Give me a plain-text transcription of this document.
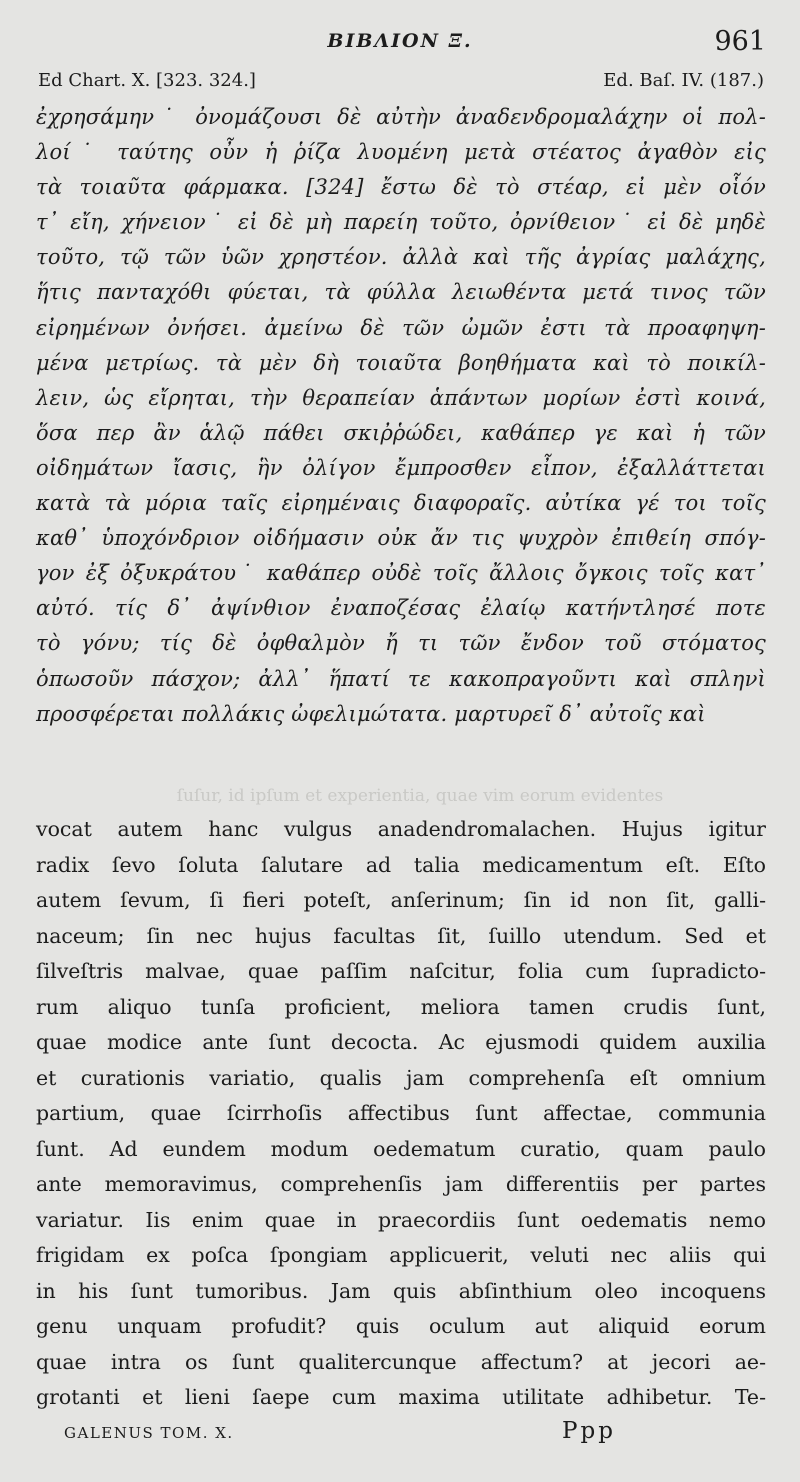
BIBΛION Ξ.	961
Ed Chart. X. [323. 324.]	Ed. Baſ. IV. (187.)
ἐχρησάμην˙ ὀνομάζουσι δὲ αὐτὴν ἀναδενδρομαλάχην οἱ πολ-
λοί˙ ταύτης οὖν ἡ ῥίζα λυομένη μετὰ στέατος ἀγαθὸν εἰς
τὰ τοιαῦτα φάρμακα. [324] ἔστω δὲ τὸ στέαρ, εἰ μὲν οἷόν
τ᾿ εἴη, χήνειον˙ εἰ δὲ μὴ παρείη τοῦτο, ὀρνίθειον˙ εἰ δὲ μηδὲ
τοῦτο, τῷ τῶν ὑῶν χρηστέον. ἀλλὰ καὶ τῆς ἀγρίας μαλάχης,
ἥτις πανταχόθι φύεται, τὰ φύλλα λειωθέντα μετά τινος τῶν
εἰρημένων ὀνήσει. ἀμείνω δὲ τῶν ὠμῶν ἐστι τὰ προαφηψη-
μένα μετρίως. τὰ μὲν δὴ τοιαῦτα βοηθήματα καὶ τὸ ποικίλ-
λειν, ὡς εἴρηται, τὴν θεραπείαν ἁπάντων μορίων ἐστὶ κοινά,
ὅσα περ ἂν ἁλῷ πάθει σκιῤῥώδει, καθάπερ γε καὶ ἡ τῶν
οἰδημάτων ἴασις, ἣν ὀλίγον ἔμπροσθεν εἶπον, ἐξαλλάττεται
κατὰ τὰ μόρια ταῖς εἰρημέναις διαφοραῖς. αὐτίκα γέ τοι τοῖς
καθ᾿ ὑποχόνδριον οἰδήμασιν οὐκ ἄν τις ψυχρὸν ἐπιθείη σπόγ-
γον ἐξ ὀξυκράτου˙ καθάπερ οὐδὲ τοῖς ἄλλοις ὄγκοις τοῖς κατ᾿
αὐτό. τίς δ᾿ ἀψίνθιον ἐναποζέσας ἐλαίῳ κατήντλησέ ποτε
τὸ γόνυ; τίς δὲ ὀφθαλμὸν ἤ τι τῶν ἔνδον τοῦ στόματος
ὁπωσοῦν πάσχον; ἀλλ᾿ ἥπατί τε κακοπραγοῦντι καὶ σπληνὶ
προσφέρεται πολλάκις ὠφελιμώτατα. μαρτυρεῖ δ᾿ αὐτοῖς καὶ
ſuſur, id ipſum et experientia, quae vim eorum evidentes
vocat autem hanc vulgus anadendromalachen. Hujus igitur
radix ſevo ſoluta ſalutare ad talia medicamentum eſt. Eſto
autem ſevum, ſi fieri poteſt, anſerinum; ſin id non ſit, galli-
naceum; ſin nec hujus facultas ſit, ſuillo utendum. Sed et
ſilveſtris malvae, quae paſſim naſcitur, folia cum ſupradicto-
rum aliquo tunſa proficient, meliora tamen crudis ſunt,
quae modice ante ſunt decocta. Ac ejusmodi quidem auxilia
et curationis variatio, qualis jam comprehenſa eſt omnium
partium, quae ſcirrhoſis affectibus ſunt affectae, communia
ſunt. Ad eundem modum oedematum curatio, quam paulo
ante memoravimus, comprehenſis jam differentiis per partes
variatur. Iis enim quae in praecordiis ſunt oedematis nemo
frigidam ex poſca ſpongiam applicuerit, veluti nec aliis qui
in his ſunt tumoribus. Jam quis abſinthium oleo incoquens
genu unquam profudit? quis oculum aut aliquid eorum
quae intra os ſunt qualitercunque affectum? at jecori ae-
grotanti et lieni ſaepe cum maxima utilitate adhibetur. Te-
GALENUS TOM. X.	Ppp
